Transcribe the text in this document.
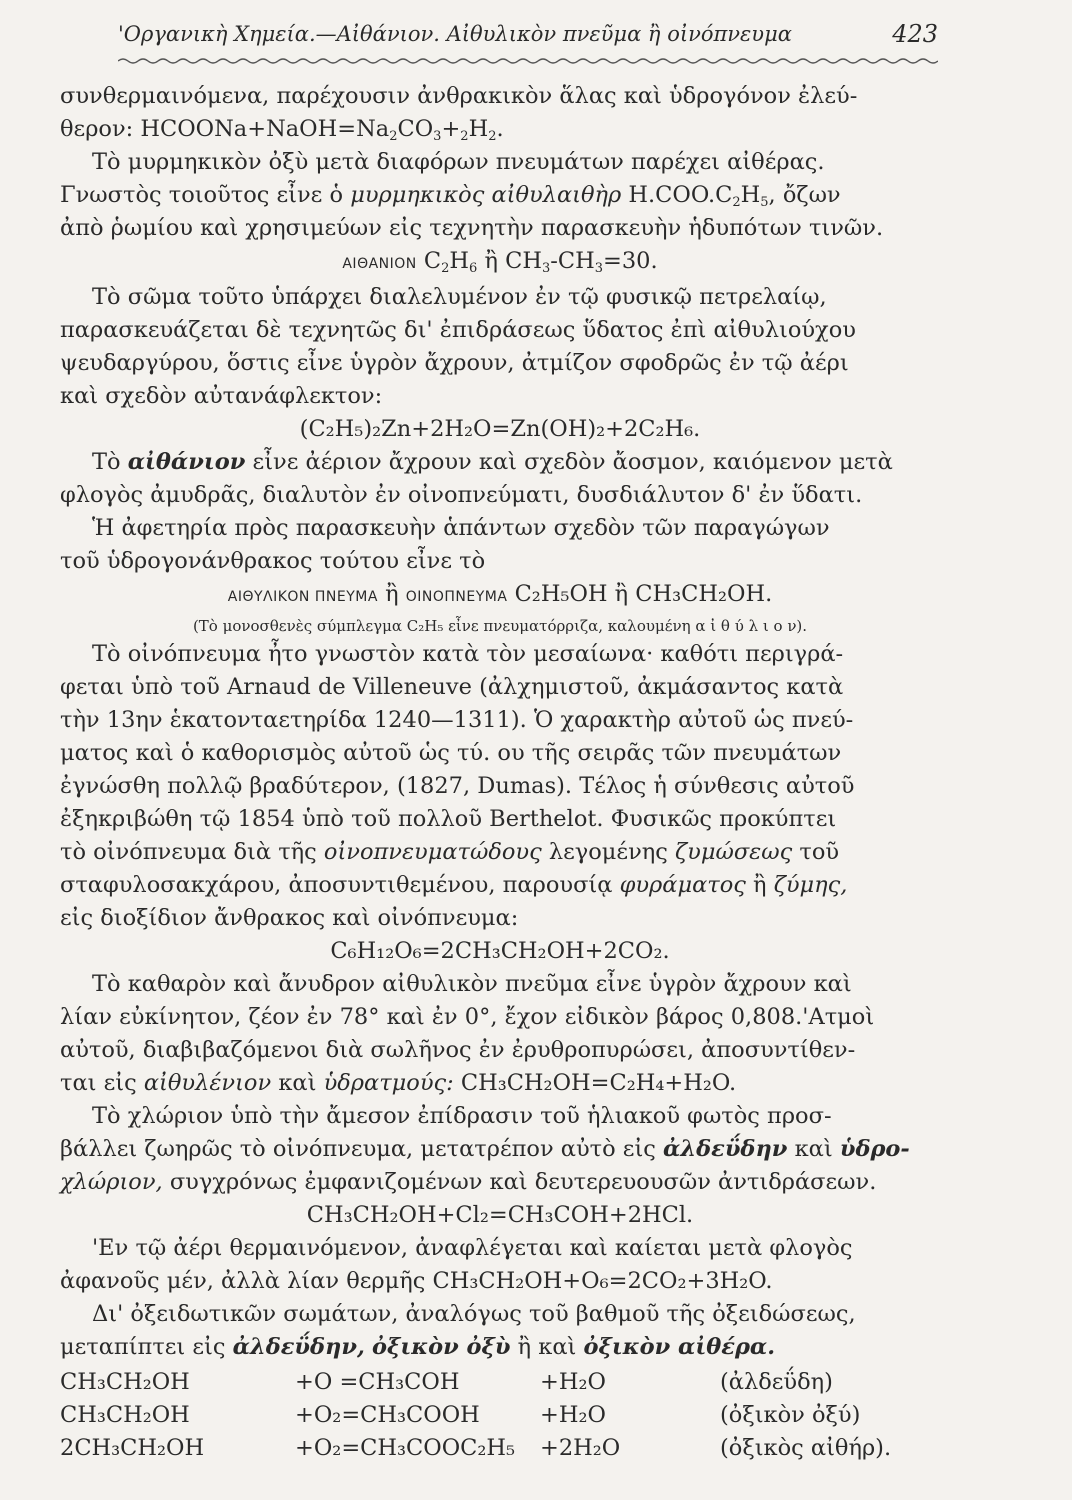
'Οργανικὴ Χημεία.—Αἰθάνιον. Αἰθυλικὸν πνεῦμα ἢ οἰνόπνευμα	423

συνθερμαινόμενα, παρέχουσιν ἀνθρακικὸν ἅλας καὶ ὑδρογόνον ἐλεύ-
θερον: $HCOONa+NaOH=Na_2CO_3+_2H_2$.

Τὸ μυρμηκικὸν ὀξὺ μετὰ διαφόρων πνευμάτων παρέχει αἰθέρας.
Γνωστὸς τοιοῦτος εἶνε ὁ μυρμηκικὸς αἰθυλαιθὴρ $H.COO.C_2H_5$, ὄζων
ἀπὸ ῥωμίου καὶ χρησιμεύων εἰς τεχνητὴν παρασκευὴν ἡδυπότων τινῶν.

ΑΙΘΑΝΙΟΝ $C_2H_6$ ἢ $CH_3-CH_3=30$.

Τὸ σῶμα τοῦτο ὑπάρχει διαλελυμένον ἐν τῷ φυσικῷ πετρελαίῳ,
παρασκευάζεται δὲ τεχνητῶς δι' ἐπιδράσεως ὕδατος ἐπὶ αἰθυλιούχου
ψευδαργύρου, ὅστις εἶνε ὑγρὸν ἄχρουν, ἀτμίζον σφοδρῶς ἐν τῷ ἀέρι
καὶ σχεδὸν αὐτανάφλεκτον:

(C₂H₅)₂Zn+2H₂O=Zn(OH)₂+2C₂H₆.

Τὸ αἰθάνιον εἶνε ἀέριον ἄχρουν καὶ σχεδὸν ἄοσμον, καιόμενον μετὰ
φλογὸς ἀμυδρᾶς, διαλυτὸν ἐν οἰνοπνεύματι, δυσδιάλυτον δ' ἐν ὕδατι.

Ἡ ἀφετηρία πρὸς παρασκευὴν ἁπάντων σχεδὸν τῶν παραγώγων
τοῦ ὑδρογονάνθρακος τούτου εἶνε τὸ

ΑΙΘΥΛΙΚΟΝ ΠΝΕΥΜΑ ἢ ΟΙΝΟΠΝΕΥΜΑ C₂H₅OH ἢ CH₃CH₂OH.

(Τὸ μονοσθενὲς σύμπλεγμα C₂H₅ εἶνε πνευματόρριζα, καλουμένη α ἰ θ ύ λ ι ο ν).

Τὸ οἰνόπνευμα ἦτο γνωστὸν κατὰ τὸν μεσαίωνα· καθότι περιγρά-
φεται ὑπὸ τοῦ Arnaud de Villeneuve (ἀλχημιστοῦ, ἀκμάσαντος κατὰ
τὴν 13ην ἑκατονταετηρίδα 1240—1311). Ὁ χαρακτὴρ αὐτοῦ ὡς πνεύ-
ματος καὶ ὁ καθορισμὸς αὐτοῦ ὡς τύ. ου τῆς σειρᾶς τῶν πνευμάτων
ἐγνώσθη πολλῷ βραδύτερον, (1827, Dumas). Τέλος ἡ σύνθεσις αὐτοῦ
ἐξηκριβώθη τῷ 1854 ὑπὸ τοῦ πολλοῦ Berthelot. Φυσικῶς προκύπτει
τὸ οἰνόπνευμα διὰ τῆς οἰνοπνευματώδους λεγομένης ζυμώσεως τοῦ
σταφυλοσακχάρου, ἀποσυντιθεμένου, παρουσίᾳ φυράματος ἢ ζύμης,
εἰς διοξίδιον ἄνθρακος καὶ οἰνόπνευμα:

C₆H₁₂O₆=2CH₃CH₂OH+2CO₂.

Τὸ καθαρὸν καὶ ἄνυδρον αἰθυλικὸν πνεῦμα εἶνε ὑγρὸν ἄχρουν καὶ
λίαν εὐκίνητον, ζέον ἐν 78° καὶ ἐν 0°, ἔχον εἰδικὸν βάρος 0,808.'Ατμοὶ
αὐτοῦ, διαβιβαζόμενοι διὰ σωλῆνος ἐν ἐρυθροπυρώσει, ἀποσυντίθεν-
ται εἰς αἰθυλένιον καὶ ὑδρατμούς: CH₃CH₂OH=C₂H₄+H₂O.

Τὸ χλώριον ὑπὸ τὴν ἄμεσον ἐπίδρασιν τοῦ ἡλιακοῦ φωτὸς προσ-
βάλλει ζωηρῶς τὸ οἰνόπνευμα, μετατρέπον αὐτὸ εἰς ἀλδεΰδην καὶ ὑδρο-
χλώριον, συγχρόνως ἐμφανιζομένων καὶ δευτερευουσῶν ἀντιδράσεων.

CH₃CH₂OH+Cl₂=CH₃COH+2HCl.

'Εν τῷ ἀέρι θερμαινόμενον, ἀναφλέγεται καὶ καίεται μετὰ φλογὸς
ἀφανοῦς μέν, ἀλλὰ λίαν θερμῆς CH₃CH₂OH+O₆=2CO₂+3H₂O.

Δι' ὀξειδωτικῶν σωμάτων, ἀναλόγως τοῦ βαθμοῦ τῆς ὀξειδώσεως,
μεταπίπτει εἰς ἀλδεΰδην, ὀξικὸν ὀξὺ ἢ καὶ ὀξικὸν αἰθέρα.

CH₃CH₂OH	+O =CH₃COH	+H₂O	(ἀλδεΰδη)
CH₃CH₂OH	+O₂=CH₃COOH	+H₂O	(ὀξικὸν ὀξύ)
2CH₃CH₂OH	+O₂=CH₃COOC₂H₅	+2H₂O	(ὀξικὸς αἰθήρ).
